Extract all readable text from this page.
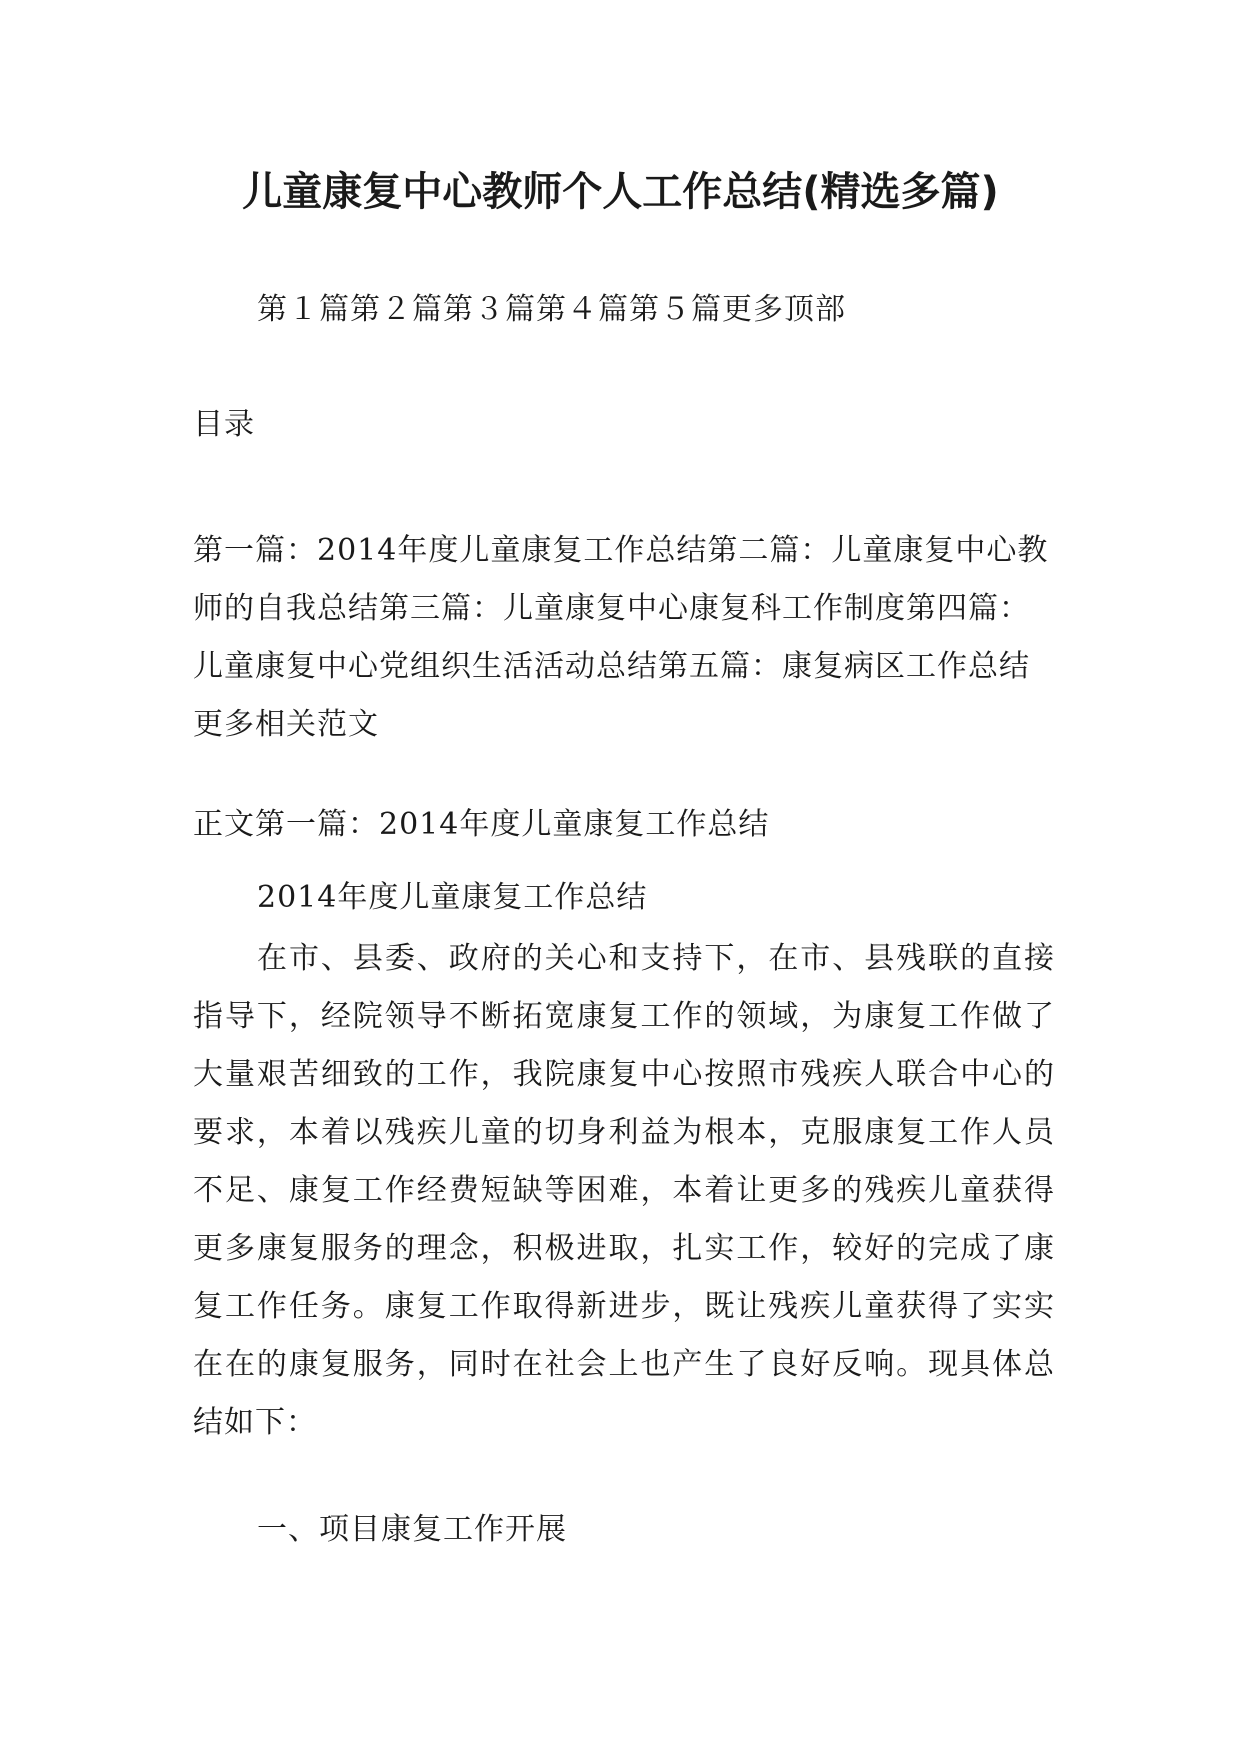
儿童康复中心教师个人工作总结(精选多篇)
第１篇第２篇第３篇第４篇第５篇更多顶部
目录
第一篇：2014年度儿童康复工作总结第二篇：儿童康复中心教师的自我总结第三篇：儿童康复中心康复科工作制度第四篇：儿童康复中心党组织生活活动总结第五篇：康复病区工作总结更多相关范文
正文第一篇：2014年度儿童康复工作总结
2014年度儿童康复工作总结
在市、县委、政府的关心和支持下，在市、县残联的直接指导下，经院领导不断拓宽康复工作的领域，为康复工作做了大量艰苦细致的工作，我院康复中心按照市残疾人联合中心的要求，本着以残疾儿童的切身利益为根本，克服康复工作人员不足、康复工作经费短缺等困难，本着让更多的残疾儿童获得更多康复服务的理念，积极进取，扎实工作，较好的完成了康复工作任务。康复工作取得新进步，既让残疾儿童获得了实实在在的康复服务，同时在社会上也产生了良好反响。现具体总结如下：
一、项目康复工作开展
